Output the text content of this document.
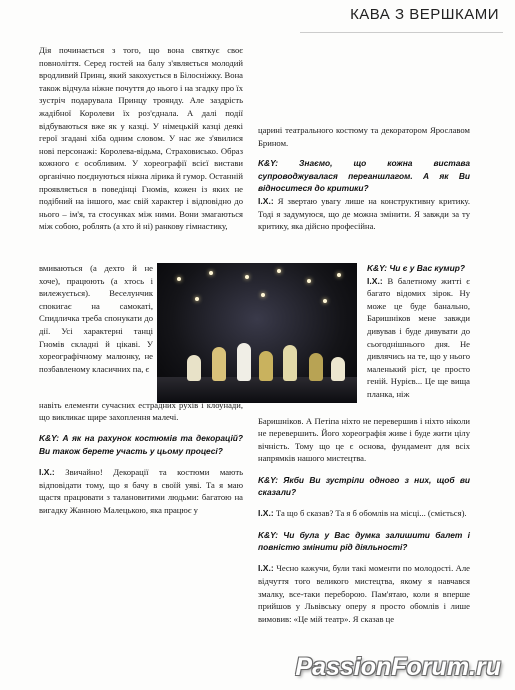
КАВА З ВЕРШКАМИ

Дія починається з того, що вона святкує своє повноліття. Серед гостей на балу з'являється молодий вродливий Принц, який закохується в Білосніжку. Вона також відчула ніжне почуття до нього і на згадку про їх зустріч подарувала Принцу троянду. Але заздрість жадібної Королеви їх роз'єднала. А далі події відбуваються вже як у казці. У німецькій казці деякі герої згадані хіба одним словом. У нас же з'явилися нові персонажі: Королева-відьма, Страховисько. Образ кожного є особливим. У хореографії всієї вистави органічно поєднуються ніжна лірика й гумор. Останній проявляється в поведінці Гномів, кожен із яких не подібний на іншого, має свій характер і відповідно до нього – ім'я, та стосунках між ними. Вони змагаються між собою, роблять (а хто й ні) ранкову гімнастику,

вмиваються (а дехто й не хоче), працюють (а хтось і вилежується). Веселунчик спокигає на самокаті, Спидличка треба спонукати до дії. Усі характерні танці Гномів складні й цікаві. У хореографічному малюнку, не позбавленому класичних па, є

навіть елементи сучасних естрадних рухів і клоунади, що викликає щире захоплення малечі.

K&Y: А як на рахунок костюмів та декорацій? Ви також берете участь у цьому процесі?

І.Х.: Звичайно! Декорації та костюми мають відповідати тому, що я бачу в своїй уяві. Та я маю щастя працювати з талановитими людьми: багатою на вигадку Жанною Малецькою, яка працює у

царині театрального костюму та декоратором Ярославом Брином.

K&Y: Знаємо, що кожна вистава супроводжувалася переаншлагом. А як Ви відноситеся до критики?

І.Х.: Я звертаю увагу лише на конструктивну критику. Тоді я задумуюся, що де можна змінити. Я завжди за ту критику, яка дійсно професійна.

K&Y: Чи є у Вас кумир?

І.Х.: В балетному житті є багато відомих зірок. Ну може це буде банально, Баришніков мене завжди дивував і буде дивувати до сьогоднішнього дня. Не дивлячись на те, що у нього маленький ріст, це просто геній. Нурієв... Це ще вища планка, ніж

Баришніков. А Петіпа ніхто не перевершив і ніхто ніколи не перевершить. Його хореографія живе і буде жити цілу вічність. Тому що це є основа, фундамент для всіх напрямків нашого мистецтва.

K&Y: Якби Ви зустріли одного з них, щоб ви сказали?

І.Х.: Та що б сказав? Та я б обомлів на місці... (сміється).

K&Y: Чи була у Вас думка залишити балет і повністю змінити рід діяльності?

І.Х.: Чесно кажучи, були такі моменти по молодості. Але відчуття того великого мистецтва, якому я навчався змалку, все-таки переборою. Пам'ятаю, коли я вперше прийшов у Львівську оперу я просто обомлів і лише вимовив: «Це мій театр». Я сказав це

PassionForum.ru
